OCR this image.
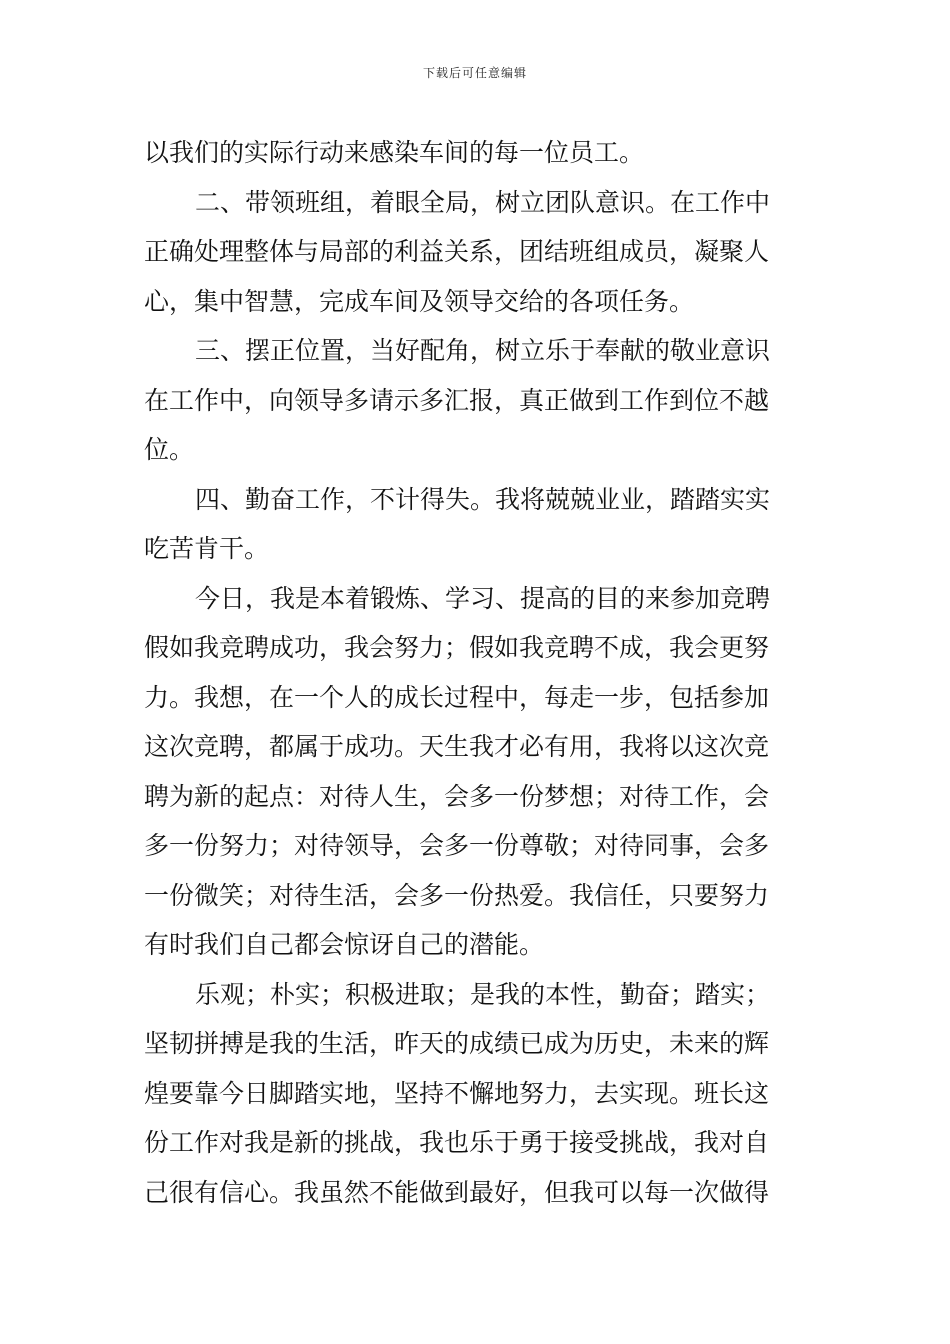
下载后可任意编辑
以我们的实际行动来感染车间的每一位员工。
二、带领班组，着眼全局，树立团队意识。在工作中
正确处理整体与局部的利益关系，团结班组成员，凝聚人
心，集中智慧，完成车间及领导交给的各项任务。
三、摆正位置，当好配角，树立乐于奉献的敬业意识
在工作中，向领导多请示多汇报，真正做到工作到位不越
位。
四、勤奋工作，不计得失。我将兢兢业业，踏踏实实
吃苦肯干。
今日，我是本着锻炼、学习、提高的目的来参加竞聘
假如我竞聘成功，我会努力；假如我竞聘不成，我会更努
力。我想，在一个人的成长过程中，每走一步，包括参加
这次竞聘，都属于成功。天生我才必有用，我将以这次竞
聘为新的起点：对待人生，会多一份梦想；对待工作，会
多一份努力；对待领导，会多一份尊敬；对待同事，会多
一份微笑；对待生活，会多一份热爱。我信任，只要努力
有时我们自己都会惊讶自己的潜能。
乐观；朴实；积极进取；是我的本性，勤奋；踏实；
坚韧拼搏是我的生活，昨天的成绩已成为历史，未来的辉
煌要靠今日脚踏实地，坚持不懈地努力，去实现。班长这
份工作对我是新的挑战，我也乐于勇于接受挑战，我对自
己很有信心。我虽然不能做到最好，但我可以每一次做得
